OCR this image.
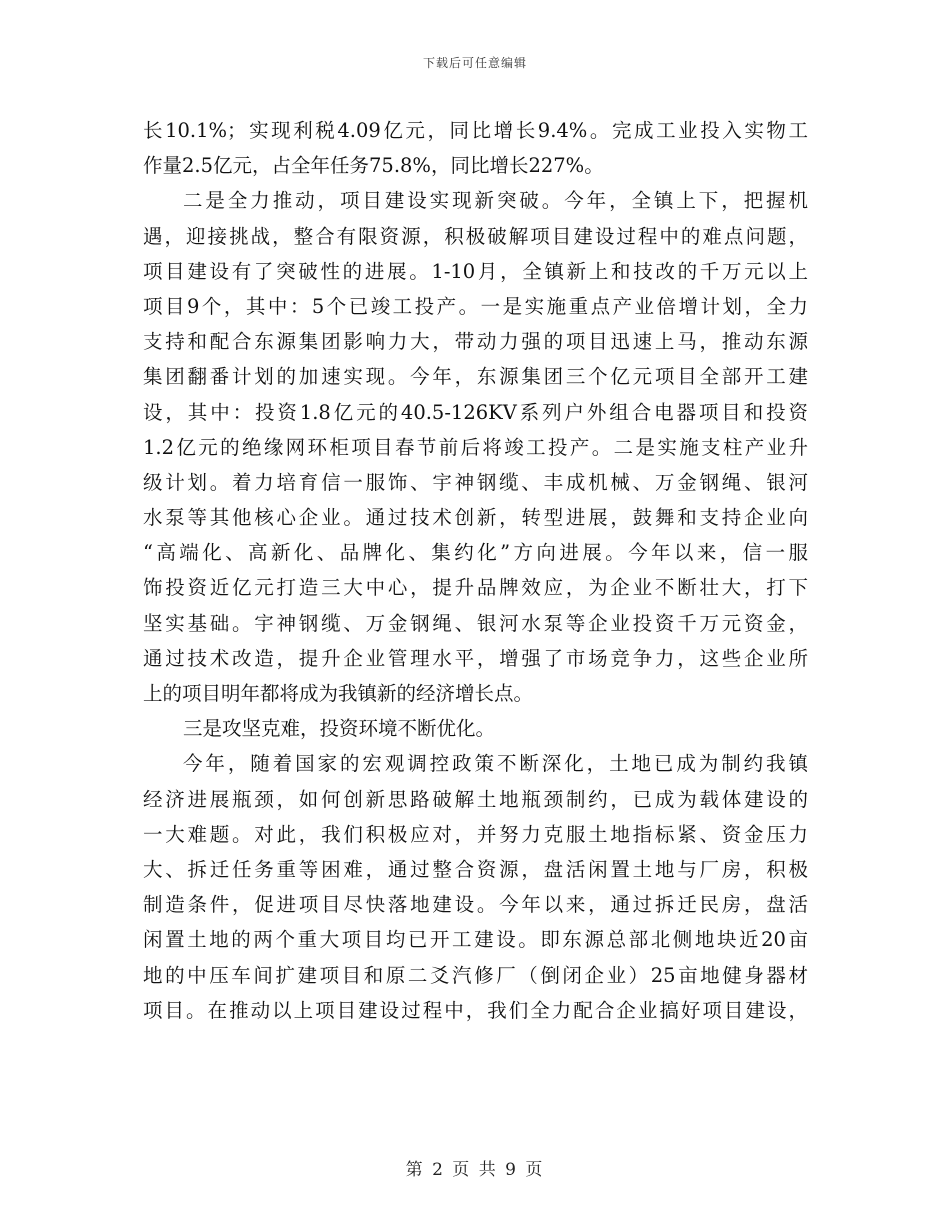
下载后可任意编辑
长10.1%；实现利税4.09亿元，同比增长9.4%。完成工业投入实物工
作量2.5亿元，占全年任务75.8%，同比增长227%。
二是全力推动，项目建设实现新突破。今年，全镇上下，把握机
遇，迎接挑战，整合有限资源，积极破解项目建设过程中的难点问题，
项目建设有了突破性的进展。1-10月，全镇新上和技改的千万元以上
项目9个，其中：5个已竣工投产。一是实施重点产业倍增计划，全力
支持和配合东源集团影响力大，带动力强的项目迅速上马，推动东源
集团翻番计划的加速实现。今年，东源集团三个亿元项目全部开工建
设，其中：投资1.8亿元的40.5-126KV系列户外组合电器项目和投资
1.2亿元的绝缘网环柜项目春节前后将竣工投产。二是实施支柱产业升
级计划。着力培育信一服饰、宇神钢缆、丰成机械、万金钢绳、银河
水泵等其他核心企业。通过技术创新，转型进展，鼓舞和支持企业向
“高端化、高新化、品牌化、集约化”方向进展。今年以来，信一服
饰投资近亿元打造三大中心，提升品牌效应，为企业不断壮大，打下
坚实基础。宇神钢缆、万金钢绳、银河水泵等企业投资千万元资金，
通过技术改造，提升企业管理水平，增强了市场竞争力，这些企业所
上的项目明年都将成为我镇新的经济增长点。
三是攻坚克难，投资环境不断优化。
今年，随着国家的宏观调控政策不断深化，土地已成为制约我镇
经济进展瓶颈，如何创新思路破解土地瓶颈制约，已成为载体建设的
一大难题。对此，我们积极应对，并努力克服土地指标紧、资金压力
大、拆迁任务重等困难，通过整合资源，盘活闲置土地与厂房，积极
制造条件，促进项目尽快落地建设。今年以来，通过拆迁民房，盘活
闲置土地的两个重大项目均已开工建设。即东源总部北侧地块近20亩
地的中压车间扩建项目和原二爻汽修厂（倒闭企业）25亩地健身器材
项目。在推动以上项目建设过程中，我们全力配合企业搞好项目建设，
第 2 页 共 9 页
